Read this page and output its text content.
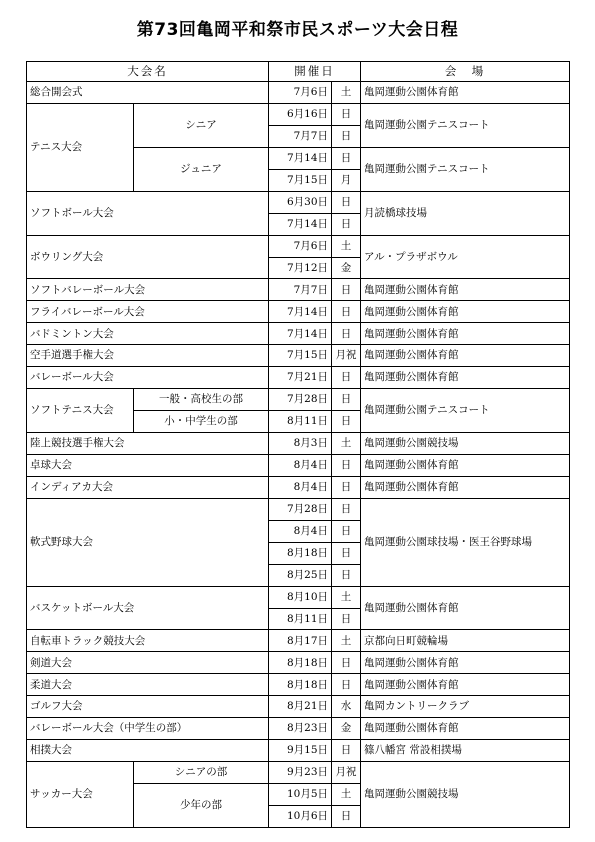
第73回亀岡平和祭市民スポーツ大会日程
大会名		開催日		会　場
総合開会式		7月6日	土	亀岡運動公園体育館
テニス大会	シニア	6月16日	日	亀岡運動公園テニスコート
		7月7日	日	
	ジュニア	7月14日	日	亀岡運動公園テニスコート
		7月15日	月	
ソフトボール大会		6月30日	日	月読橋球技場
		7月14日	日	
ボウリング大会		7月6日	土	アル・プラザボウル
		7月12日	金	
ソフトバレーボール大会		7月7日	日	亀岡運動公園体育館
フライバレーボール大会		7月14日	日	亀岡運動公園体育館
バドミントン大会		7月14日	日	亀岡運動公園体育館
空手道選手権大会		7月15日	月祝	亀岡運動公園体育館
バレーボール大会		7月21日	日	亀岡運動公園体育館
ソフトテニス大会	一般・高校生の部	7月28日	日	亀岡運動公園テニスコート
	小・中学生の部	8月11日	日	
陸上競技選手権大会		8月3日	土	亀岡運動公園競技場
卓球大会		8月4日	日	亀岡運動公園体育館
インディアカ大会		8月4日	日	亀岡運動公園体育館
軟式野球大会		7月28日	日	亀岡運動公園球技場・医王谷野球場
		8月4日	日	
		8月18日	日	
		8月25日	日	
バスケットボール大会		8月10日	土	亀岡運動公園体育館
		8月11日	日	
自転車トラック競技大会		8月17日	土	京都向日町競輪場
剣道大会		8月18日	日	亀岡運動公園体育館
柔道大会		8月18日	日	亀岡運動公園体育館
ゴルフ大会		8月21日	水	亀岡カントリークラブ
バレーボール大会（中学生の部）		8月23日	金	亀岡運動公園体育館
相撲大会		9月15日	日	篠八幡宮 常設相撲場
サッカー大会	シニアの部	9月23日	月祝	亀岡運動公園競技場
	少年の部	10月5日	土	
		10月6日	日	
